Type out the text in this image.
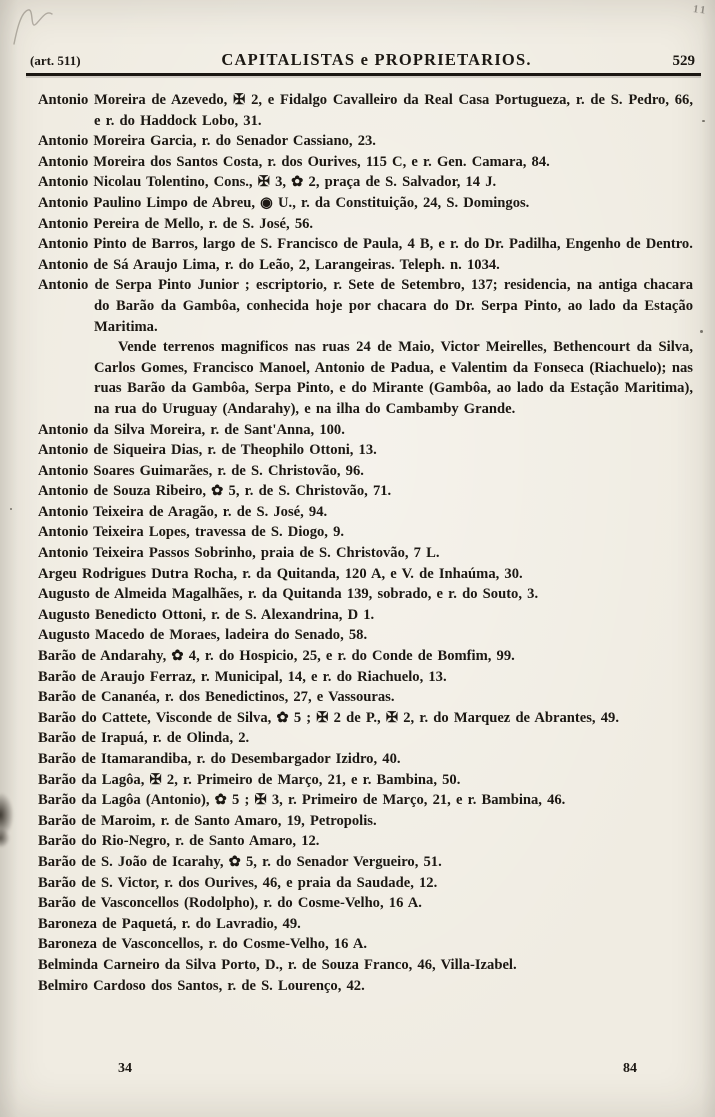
11
(art. 511)	CAPITALISTAS e PROPRIETARIOS.	529

Antonio Moreira de Azevedo, ✠ 2, e Fidalgo Cavalleiro da Real Casa Portugueza, r. de S. Pedro, 66, e r. do Haddock Lobo, 31.

Antonio Moreira Garcia, r. do Senador Cassiano, 23.

Antonio Moreira dos Santos Costa, r. dos Ourives, 115 C, e r. Gen. Camara, 84.

Antonio Nicolau Tolentino, Cons., ✠ 3, ✿ 2, praça de S. Salvador, 14 J.

Antonio Paulino Limpo de Abreu, ◉ U., r. da Constituição, 24, S. Domingos.

Antonio Pereira de Mello, r. de S. José, 56.

Antonio Pinto de Barros, largo de S. Francisco de Paula, 4 B, e r. do Dr. Padilha, Engenho de Dentro.

Antonio de Sá Araujo Lima, r. do Leão, 2, Larangeiras. Teleph. n. 1034.

Antonio de Serpa Pinto Junior ; escriptorio, r. Sete de Setembro, 137; residencia, na antiga chacara do Barão da Gambôa, conhecida hoje por chacara do Dr. Serpa Pinto, ao lado da Estação Maritima.

Vende terrenos magnificos nas ruas 24 de Maio, Victor Meirelles, Bethencourt da Silva, Carlos Gomes, Francisco Manoel, Antonio de Padua, e Valentim da Fonseca (Riachuelo); nas ruas Barão da Gambôa, Serpa Pinto, e do Mirante (Gambôa, ao lado da Estação Maritima), na rua do Uruguay (Andarahy), e na ilha do Cambamby Grande.

Antonio da Silva Moreira, r. de Sant'Anna, 100.

Antonio de Siqueira Dias, r. de Theophilo Ottoni, 13.

Antonio Soares Guimarães, r. de S. Christovão, 96.

Antonio de Souza Ribeiro, ✿ 5, r. de S. Christovão, 71.

Antonio Teixeira de Aragão, r. de S. José, 94.

Antonio Teixeira Lopes, travessa de S. Diogo, 9.

Antonio Teixeira Passos Sobrinho, praia de S. Christovão, 7 L.

Argeu Rodrigues Dutra Rocha, r. da Quitanda, 120 A, e V. de Inhaúma, 30.

Augusto de Almeida Magalhães, r. da Quitanda 139, sobrado, e r. do Souto, 3.

Augusto Benedicto Ottoni, r. de S. Alexandrina, D 1.

Augusto Macedo de Moraes, ladeira do Senado, 58.

Barão de Andarahy, ✿ 4, r. do Hospicio, 25, e r. do Conde de Bomfim, 99.

Barão de Araujo Ferraz, r. Municipal, 14, e r. do Riachuelo, 13.

Barão de Cananéa, r. dos Benedictinos, 27, e Vassouras.

Barão do Cattete, Visconde de Silva, ✿ 5 ; ✠ 2 de P., ✠ 2, r. do Marquez de Abrantes, 49.

Barão de Irapuá, r. de Olinda, 2.

Barão de Itamarandiba, r. do Desembargador Izidro, 40.

Barão da Lagôa, ✠ 2, r. Primeiro de Março, 21, e r. Bambina, 50.

Barão da Lagôa (Antonio), ✿ 5 ; ✠ 3, r. Primeiro de Março, 21, e r. Bambina, 46.

Barão de Maroim, r. de Santo Amaro, 19, Petropolis.

Barão do Rio-Negro, r. de Santo Amaro, 12.

Barão de S. João de Icarahy, ✿ 5, r. do Senador Vergueiro, 51.

Barão de S. Victor, r. dos Ourives, 46, e praia da Saudade, 12.

Barão de Vasconcellos (Rodolpho), r. do Cosme-Velho, 16 A.

Baroneza de Paquetá, r. do Lavradio, 49.

Baroneza de Vasconcellos, r. do Cosme-Velho, 16 A.

Belminda Carneiro da Silva Porto, D., r. de Souza Franco, 46, Villa-Izabel.

Belmiro Cardoso dos Santos, r. de S. Lourenço, 42.

34	84
